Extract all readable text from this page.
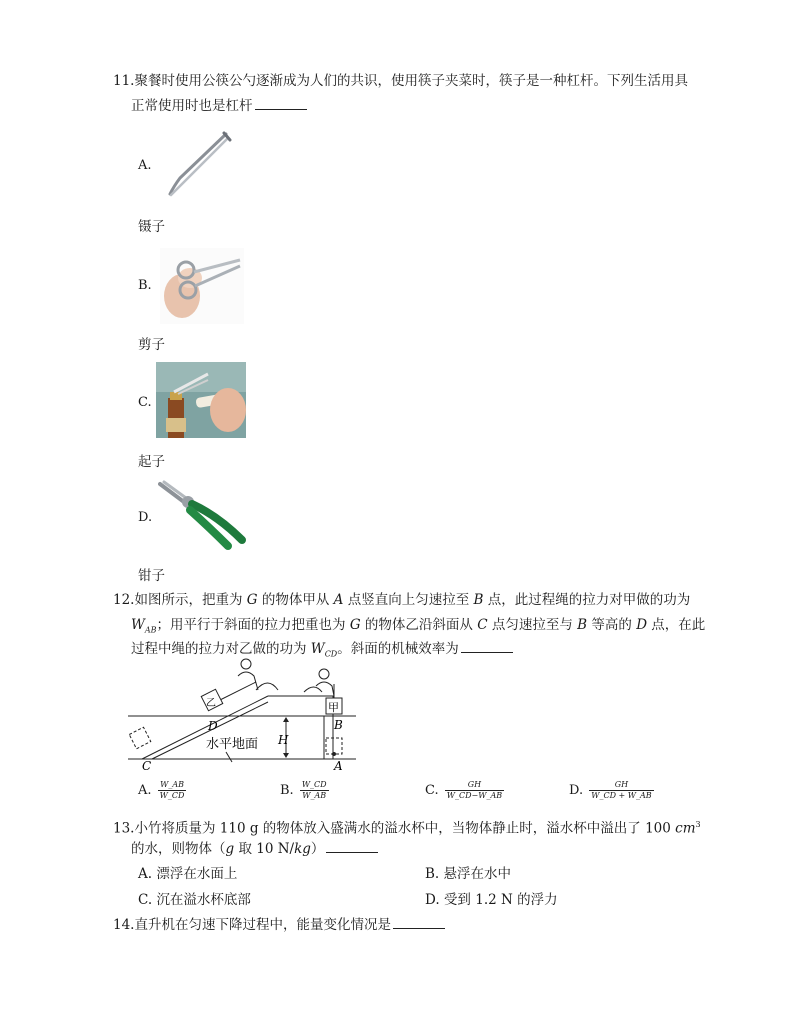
11.聚餐时使用公筷公勺逐渐成为人们的共识，使用筷子夹菜时，筷子是一种杠杆。下列生活用具
正常使用时也是杠杆
A.
镊子
B.
剪子
C.
起子
D.
钳子
12.如图所示，把重为 G 的物体甲从 A 点竖直向上匀速拉至 B 点，此过程绳的拉力对甲做的功为
$W_{AB}$；用平行于斜面的拉力把重也为 G 的物体乙沿斜面从 C 点匀速拉至与 B 等高的 D 点，在此
过程中绳的拉力对乙做的功为 $W_{CD}$。斜面的机械效率为
乙	甲
H
D	B
C	A
水平地面
A. $\frac{W\_AB}{W\_CD}$	B. $\frac{W\_CD}{W\_AB}$	C. $\frac{GH}{W\_CD-W\_AB}$	D. $\frac{GH}{W\_CD + W\_AB}$
13.小竹将质量为 110 g 的物体放入盛满水的溢水杯中，当物体静止时，溢水杯中溢出了 100 $cm^3$
的水，则物体（g 取 10 N/kg）
A. 漂浮在水面上	B. 悬浮在水中
C. 沉在溢水杯底部	D. 受到 1.2 N 的浮力
14.直升机在匀速下降过程中，能量变化情况是
